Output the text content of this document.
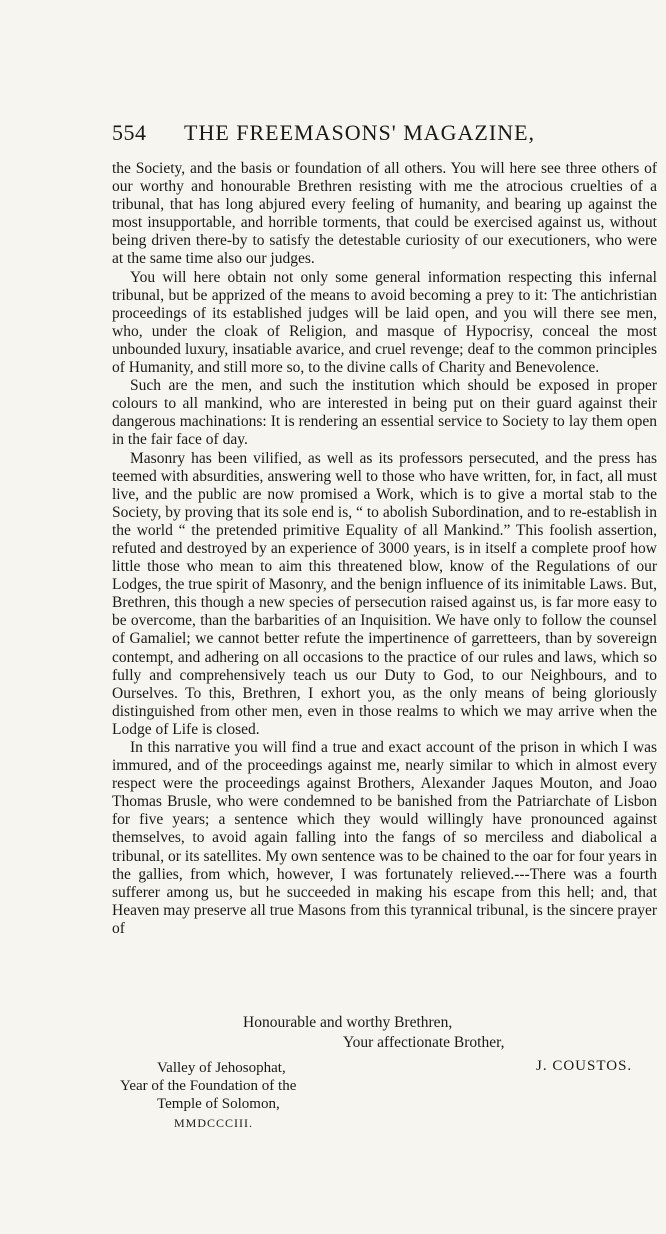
554 THE FREEMASONS' MAGAZINE,

the Society, and the basis or foundation of all others. You will here see three others of our worthy and honourable Brethren resisting with me the atrocious cruelties of a tribunal, that has long abjured every feeling of humanity, and bearing up against the most insupportable, and horrible torments, that could be exercised against us, without being driven there-by to satisfy the detestable curiosity of our executioners, who were at the same time also our judges.

You will here obtain not only some general information respecting this infernal tribunal, but be apprized of the means to avoid becoming a prey to it: The antichristian proceedings of its established judges will be laid open, and you will there see men, who, under the cloak of Religion, and masque of Hypocrisy, conceal the most unbounded luxury, insatiable avarice, and cruel revenge; deaf to the common principles of Humanity, and still more so, to the divine calls of Charity and Benevolence.

Such are the men, and such the institution which should be exposed in proper colours to all mankind, who are interested in being put on their guard against their dangerous machinations: It is rendering an essential service to Society to lay them open in the fair face of day.

Masonry has been vilified, as well as its professors persecuted, and the press has teemed with absurdities, answering well to those who have written, for, in fact, all must live, and the public are now promised a Work, which is to give a mortal stab to the Society, by proving that its sole end is, “ to abolish Subordination, and to re-establish in the world “ the pretended primitive Equality of all Mankind.” This foolish assertion, refuted and destroyed by an experience of 3000 years, is in itself a complete proof how little those who mean to aim this threatened blow, know of the Regulations of our Lodges, the true spirit of Masonry, and the benign influence of its inimitable Laws. But, Brethren, this though a new species of persecution raised against us, is far more easy to be overcome, than the barbarities of an Inquisition. We have only to follow the counsel of Gamaliel; we cannot better refute the impertinence of garretteers, than by sovereign contempt, and adhering on all occasions to the practice of our rules and laws, which so fully and comprehensively teach us our Duty to God, to our Neighbours, and to Ourselves. To this, Brethren, I exhort you, as the only means of being gloriously distinguished from other men, even in those realms to which we may arrive when the Lodge of Life is closed.

In this narrative you will find a true and exact account of the prison in which I was immured, and of the proceedings against me, nearly similar to which in almost every respect were the proceedings against Brothers, Alexander Jaques Mouton, and Joao Thomas Brusle, who were condemned to be banished from the Patriarchate of Lisbon for five years; a sentence which they would willingly have pronounced against themselves, to avoid again falling into the fangs of so merciless and diabolical a tribunal, or its satellites. My own sentence was to be chained to the oar for four years in the gallies, from which, however, I was fortunately relieved.---There was a fourth sufferer among us, but he succeeded in making his escape from this hell; and, that Heaven may preserve all true Masons from this tyrannical tribunal, is the sincere prayer of

Honourable and worthy Brethren,
Your affectionate Brother,
J. COUSTOS.
Valley of Jehosophat,
Year of the Foundation of the
Temple of Solomon,
MMDCCCIII.
